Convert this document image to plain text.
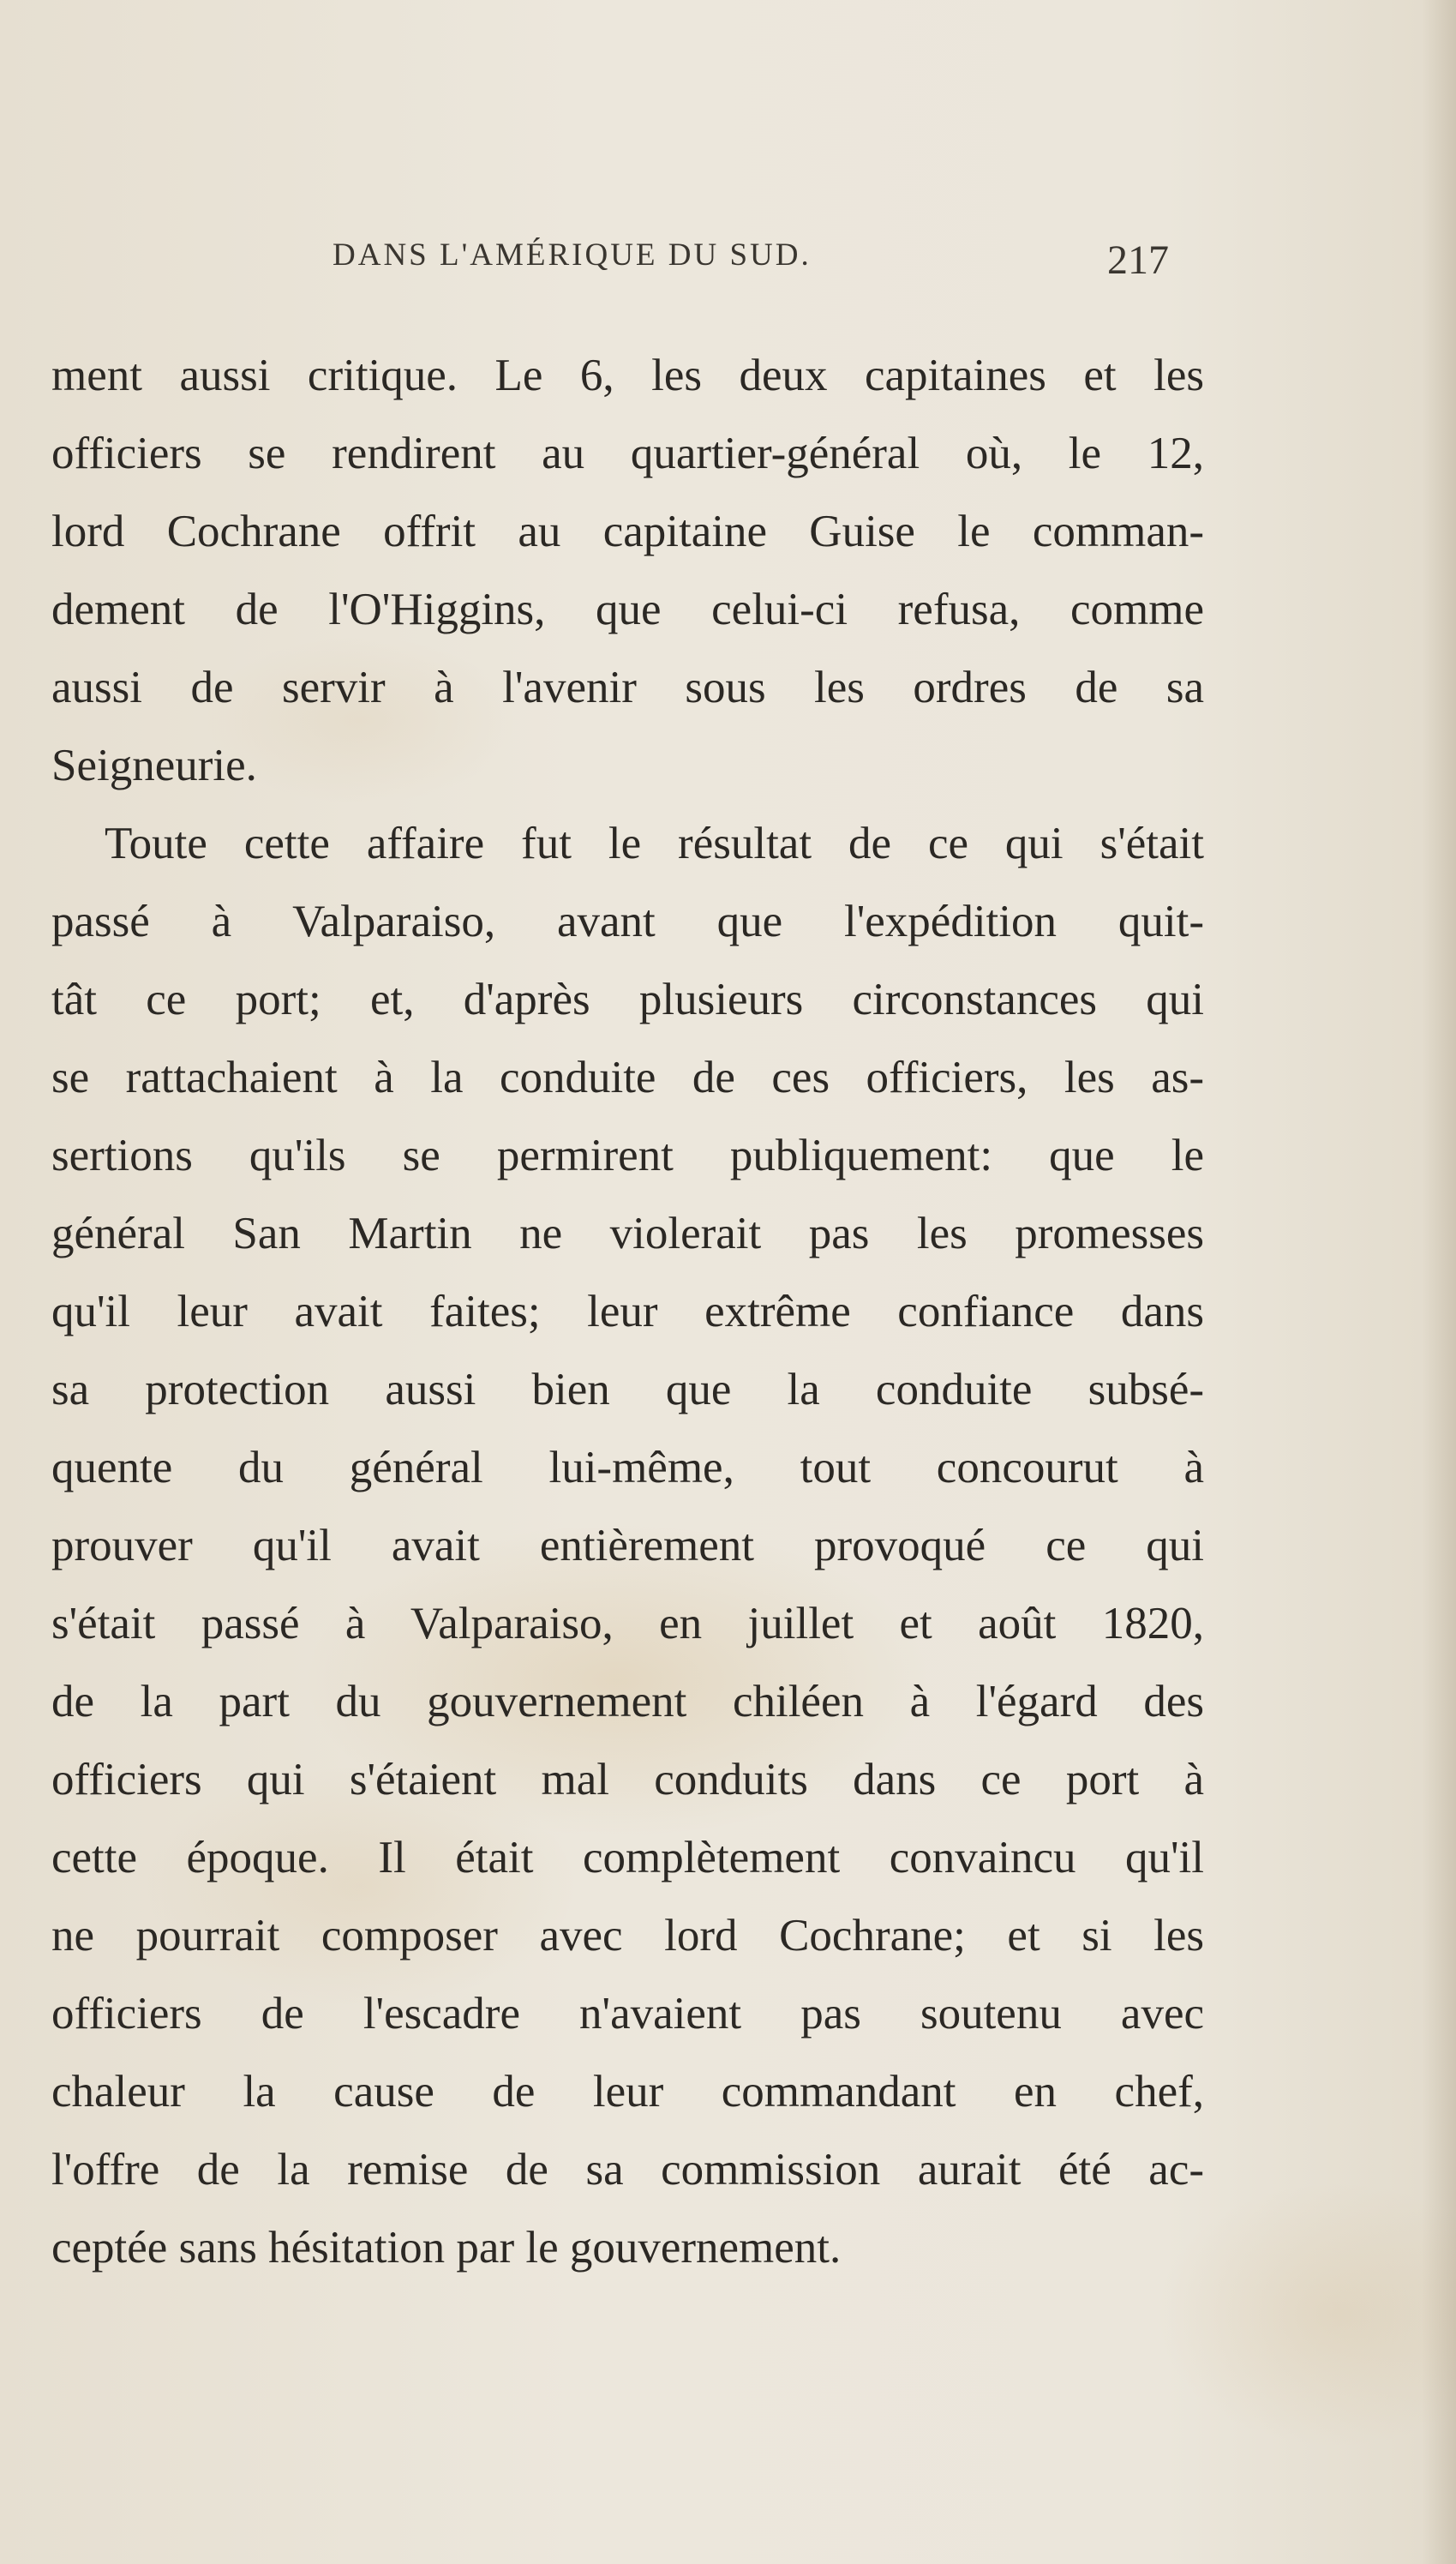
DANS L'AMÉRIQUE DU SUD.	217
ment aussi critique. Le 6, les deux capitaines et les
officiers se rendirent au quartier-général où, le 12,
lord Cochrane offrit au capitaine Guise le comman-
dement de l'O'Higgins, que celui-ci refusa, comme
aussi de servir à l'avenir sous les ordres de sa
Seigneurie.
Toute cette affaire fut le résultat de ce qui s'était
passé à Valparaiso, avant que l'expédition quit-
tât ce port; et, d'après plusieurs circonstances qui
se rattachaient à la conduite de ces officiers, les as-
sertions qu'ils se permirent publiquement: que le
général San Martin ne violerait pas les promesses
qu'il leur avait faites; leur extrême confiance dans
sa protection aussi bien que la conduite subsé-
quente du général lui-même, tout concourut à
prouver qu'il avait entièrement provoqué ce qui
s'était passé à Valparaiso, en juillet et août 1820,
de la part du gouvernement chiléen à l'égard des
officiers qui s'étaient mal conduits dans ce port à
cette époque. Il était complètement convaincu qu'il
ne pourrait composer avec lord Cochrane; et si les
officiers de l'escadre n'avaient pas soutenu avec
chaleur la cause de leur commandant en chef,
l'offre de la remise de sa commission aurait été ac-
ceptée sans hésitation par le gouvernement.
